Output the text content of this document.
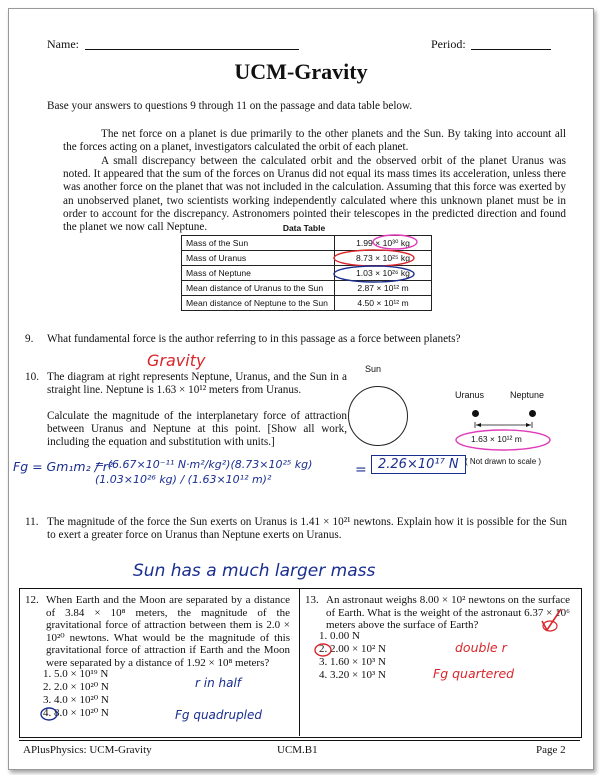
Name:	Period:
UCM-Gravity
Base your answers to questions 9 through 11 on the passage and data table below.
The net force on a planet is due primarily to the other planets and the Sun. By taking into account all the forces acting on a planet, investigators calculated the orbit of each planet.
A small discrepancy between the calculated orbit and the observed orbit of the planet Uranus was noted. It appeared that the sum of the forces on Uranus did not equal its mass times its acceleration, unless there was another force on the planet that was not included in the calculation. Assuming that this force was exerted by an unobserved planet, two scientists working independently calculated where this unknown planet must be in order to account for the discrepancy. Astronomers pointed their telescopes in the predicted direction and found the planet we now call Neptune.	Data Table
Mass of the Sun	1.99 × 10³⁰ kg
Mass of Uranus	8.73 × 10²⁵ kg
Mass of Neptune	1.03 × 10²⁶ kg
Mean distance of Uranus to the Sun	2.87 × 10¹² m
Mean distance of Neptune to the Sun	4.50 × 10¹² m
9. What fundamental force is the author referring to in this passage as a force between planets?
Gravity
10. The diagram at right represents Neptune, Uranus, and the Sun in a straight line. Neptune is 1.63 × 10¹² meters from Uranus.
Calculate the magnitude of the interplanetary force of attraction between Uranus and Neptune at this point. [Show all work, including the equation and substitution with units.]
Sun
Uranus	Neptune
1.63 × 10¹² m
( Not drawn to scale )
Fg = Gm₁m₂ / r²
= (6.67×10⁻¹¹ N·m²/kg²)(8.73×10²⁵ kg)(1.03×10²⁶ kg) / (1.63×10¹² m)²
= 2.26×10¹⁷ N
11. The magnitude of the force the Sun exerts on Uranus is 1.41 × 10²¹ newtons. Explain how it is possible for the Sun to exert a greater force on Uranus than Neptune exerts on Uranus.
Sun has a much larger mass
12. When Earth and the Moon are separated by a distance of 3.84 × 10⁸ meters, the magnitude of the gravitational force of attraction between them is 2.0 × 10²⁰ newtons. What would be the magnitude of this gravitational force of attraction if Earth and the Moon were separated by a distance of 1.92 × 10⁸ meters?
1. 5.0 × 10¹⁹ N
2. 2.0 × 10²⁰ N
3. 4.0 × 10²⁰ N
4. 8.0 × 10²⁰ N
r in half
Fg quadrupled
13. An astronaut weighs 8.00 × 10² newtons on the surface of Earth. What is the weight of the astronaut 6.37 × 10⁶ meters above the surface of Earth?
1. 0.00 N
2. 2.00 × 10² N
3. 1.60 × 10³ N
4. 3.20 × 10³ N
double r
Fg quartered
APlusPhysics: UCM-Gravity	UCM.B1	Page 2
